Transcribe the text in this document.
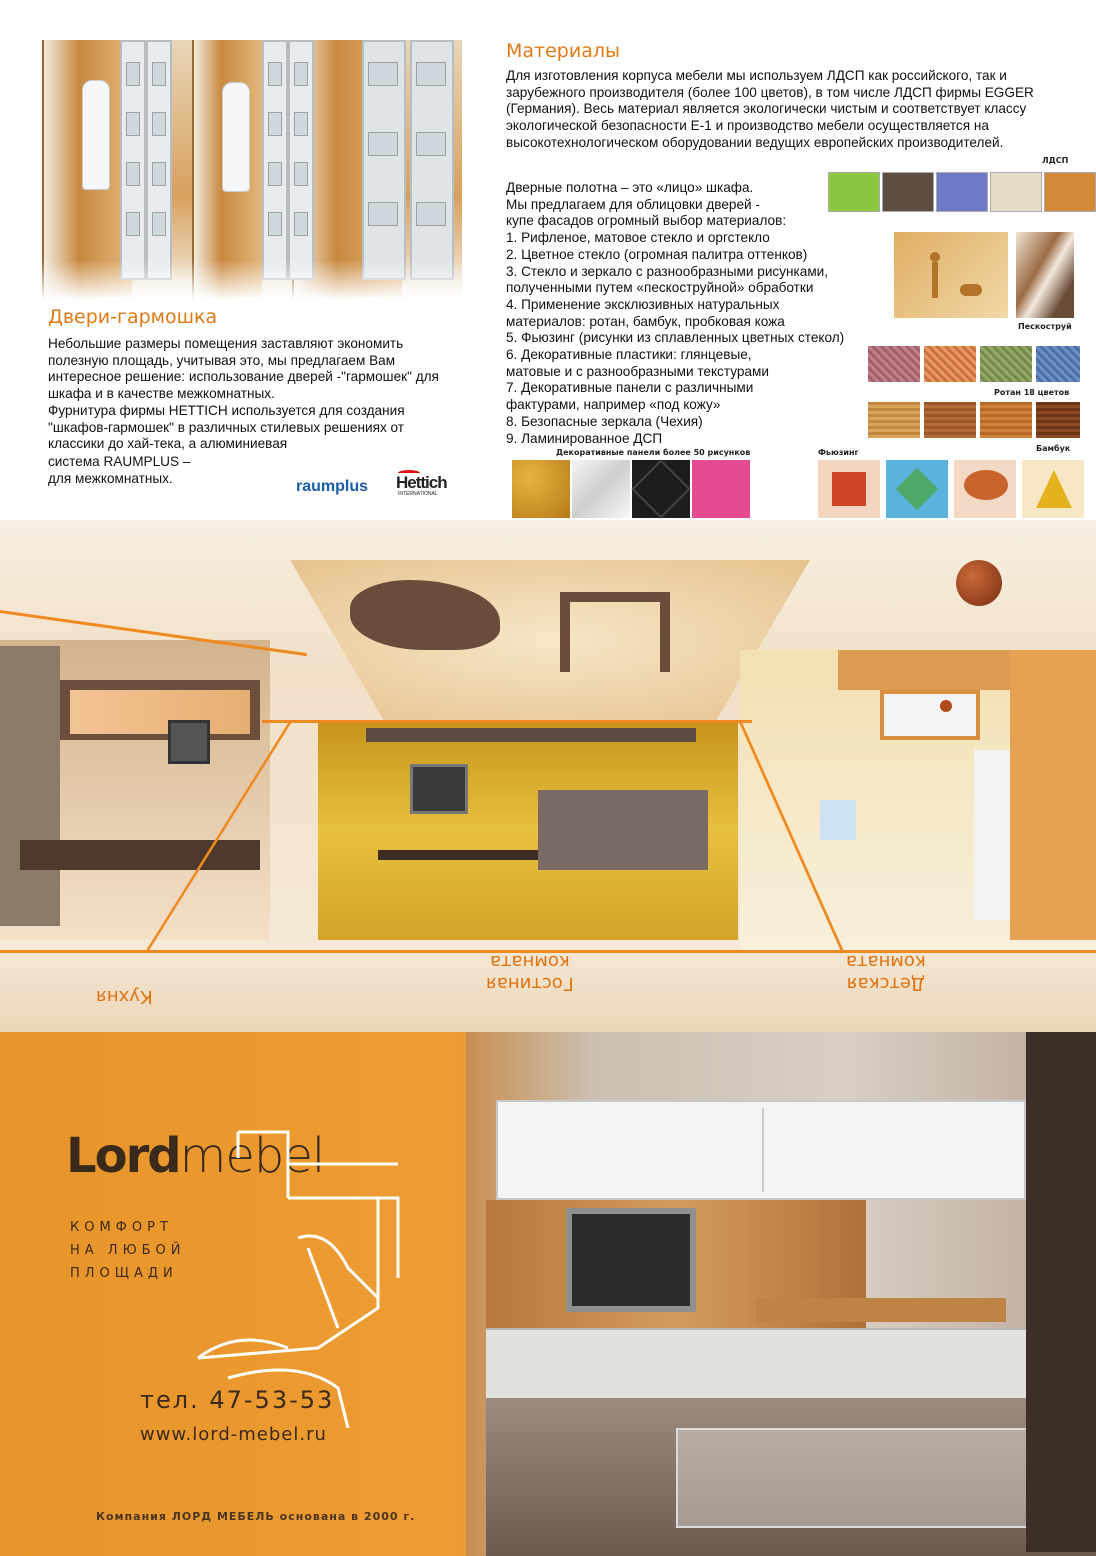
Двери-гармошка

Небольшие размеры помещения заставляют экономить полезную площадь, учитывая это, мы предлагаем Вам интересное решение: использование дверей -"гармошек" для шкафа и в качестве межкомнатных.

Фурнитура фирмы HETTICH используется для создания "шкафов-гармошек" в различных стилевых решениях от классики до хай-тека, а алюминиевая

система RAUMPLUS –

для межкомнатных.	raumplus Hettich
INTERNATIONAL
Материалы

Для изготовления корпуса мебели мы используем ЛДСП как российского, так и зарубежного производителя (более 100 цветов), в том числе ЛДСП фирмы EGGER (Германия). Весь материал является экологически чистым и соответствует классу экологической безопасности Е-1 и производство мебели осуществляется на высокотехнологическом оборудовании ведущих европейских производителей.

Дверные полотна – это «лицо» шкафа.

Мы предлагаем для облицовки дверей -

купе фасадов огромный выбор материалов:

1. Рифленое, матовое стекло и оргстекло

2. Цветное стекло (огромная палитра оттенков)

3. Стекло и зеркало с разнообразными рисунками,

полученными путем «пескоструйной» обработки

4. Применение эксклюзивных натуральных

материалов: ротан, бамбук, пробковая кожа

5. Фьюзинг (рисунки из сплавленных цветных стекол)

6. Декоративные пластики: глянцевые,

матовые и с разнообразными текстурами

7. Декоративные панели с различными

фактурами, например «под кожу»

8. Безопасные зеркала (Чехия)

9. Ламинированное ДСП

ЛДСП
Пескоструй
Ротан 18 цветов
Бамбук
Фьюзинг
Декоративные панели более 50 рисунков
Кухня
Гостиная
комната
Детская
комната
Lordmebel
КОМФОРТ
НА ЛЮБОЙ
ПЛОЩАДИ
тел. 47-53-53
www.lord-mebel.ru
Компания ЛОРД МЕБЕЛЬ основана в 2000 г.
